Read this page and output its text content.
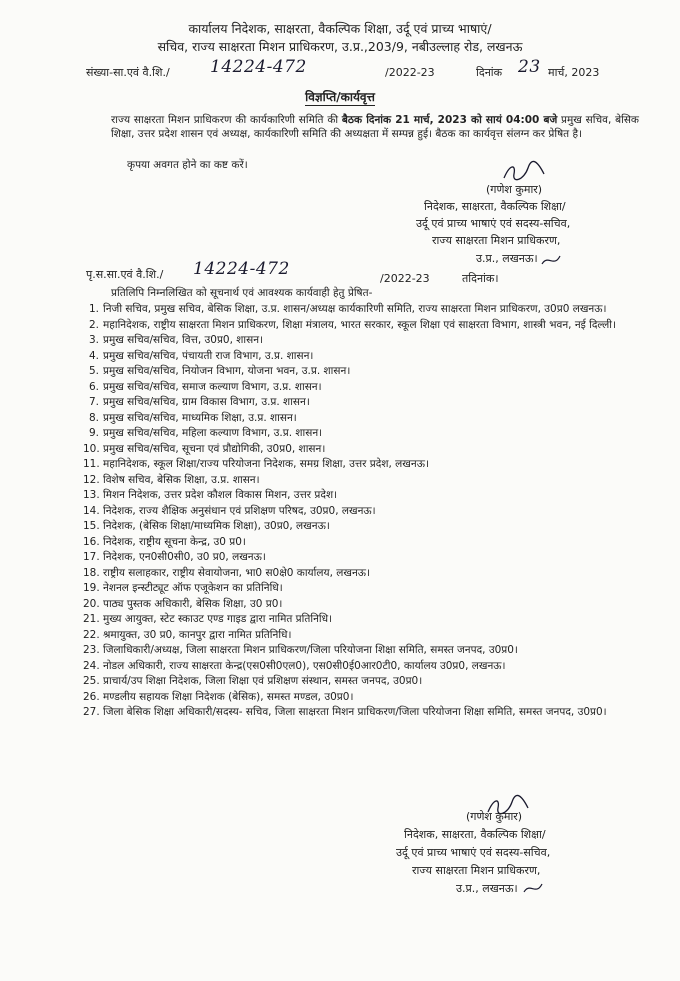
कार्यालय निदेशक, साक्षरता, वैकल्पिक शिक्षा, उर्दू एवं प्राच्य भाषाएं/
सचिव, राज्य साक्षरता मिशन प्राधिकरण, उ.प्र.,203/9, नबीउल्लाह रोड, लखनऊ
संख्या-सा.एवं वै.शि./ 14224-472	/2022-23	दिनांक 23 मार्च, 2023
विज्ञप्ति/कार्यवृत्त
राज्य साक्षरता मिशन प्राधिकरण की कार्यकारिणी समिति की बैठक दिनांक 21 मार्च, 2023 को सायं 04:00 बजे प्रमुख सचिव, बेसिक शिक्षा, उत्तर प्रदेश शासन एवं अध्यक्ष, कार्यकारिणी समिति की अध्यक्षता में सम्पन्न हुई। बैठक का कार्यवृत्त संलग्न कर प्रेषित है।
कृपया अवगत होने का कष्ट करें।
(गणेश कुमार)
निदेशक, साक्षरता, वैकल्पिक शिक्षा/
उर्दू एवं प्राच्य भाषाएं एवं सदस्य-सचिव,
राज्य साक्षरता मिशन प्राधिकरण,
उ.प्र., लखनऊ।
पृ.स.सा.एवं वै.शि./ 14224-472	/2022-23	तदिनांक।
प्रतिलिपि निम्नलिखित को सूचनार्थ एवं आवश्यक कार्यवाही हेतु प्रेषित-
1. निजी सचिव, प्रमुख सचिव, बेसिक शिक्षा, उ.प्र. शासन/अध्यक्ष कार्यकारिणी समिति, राज्य साक्षरता मिशन प्राधिकरण, उ0प्र0 लखनऊ।
2. महानिदेशक, राष्ट्रीय साक्षरता मिशन प्राधिकरण, शिक्षा मंत्रालय, भारत सरकार, स्कूल शिक्षा एवं साक्षरता विभाग, शास्त्री भवन, नई दिल्ली।
3. प्रमुख सचिव/सचिव, वित्त, उ0प्र0, शासन।
4. प्रमुख सचिव/सचिव, पंचायती राज विभाग, उ.प्र. शासन।
5. प्रमुख सचिव/सचिव, नियोजन विभाग, योजना भवन, उ.प्र. शासन।
6. प्रमुख सचिव/सचिव, समाज कल्याण विभाग, उ.प्र. शासन।
7. प्रमुख सचिव/सचिव, ग्राम विकास विभाग, उ.प्र. शासन।
8. प्रमुख सचिव/सचिव, माध्यमिक शिक्षा, उ.प्र. शासन।
9. प्रमुख सचिव/सचिव, महिला कल्याण विभाग, उ.प्र. शासन।
10. प्रमुख सचिव/सचिव, सूचना एवं प्रौद्योगिकी, उ0प्र0, शासन।
11. महानिदेशक, स्कूल शिक्षा/राज्य परियोजना निदेशक, समग्र शिक्षा, उत्तर प्रदेश, लखनऊ।
12. विशेष सचिव, बेसिक शिक्षा, उ.प्र. शासन।
13. मिशन निदेशक, उत्तर प्रदेश कौशल विकास मिशन, उत्तर प्रदेश।
14. निदेशक, राज्य शैक्षिक अनुसंधान एवं प्रशिक्षण परिषद, उ0प्र0, लखनऊ।
15. निदेशक, (बेसिक शिक्षा/माध्यमिक शिक्षा), उ0प्र0, लखनऊ।
16. निदेशक, राष्ट्रीय सूचना केन्द्र, उ0 प्र0।
17. निदेशक, एन0सी0सी0, उ0 प्र0, लखनऊ।
18. राष्ट्रीय सलाहकार, राष्ट्रीय सेवायोजना, भा0 स0क्षे0 कार्यालय, लखनऊ।
19. नेशनल इन्स्टीट्यूट ऑफ एजूकेशन का प्रतिनिधि।
20. पाठ्य पुस्तक अधिकारी, बेसिक शिक्षा, उ0 प्र0।
21. मुख्य आयुक्त, स्टेट स्काउट एण्ड गाइड द्वारा नामित प्रतिनिधि।
22. श्रमायुक्त, उ0 प्र0, कानपुर द्वारा नामित प्रतिनिधि।
23. जिलाधिकारी/अध्यक्ष, जिला साक्षरता मिशन प्राधिकरण/जिला परियोजना शिक्षा समिति, समस्त जनपद, उ0प्र0।
24. नोडल अधिकारी, राज्य साक्षरता केन्द्र(एस0सी0एल0), एस0सी0ई0आर0टी0, कार्यालय उ0प्र0, लखनऊ।
25. प्राचार्य/उप शिक्षा निदेशक, जिला शिक्षा एवं प्रशिक्षण संस्थान, समस्त जनपद, उ0प्र0।
26. मण्डलीय सहायक शिक्षा निदेशक (बेसिक), समस्त मण्डल, उ0प्र0।
27. जिला बेसिक शिक्षा अधिकारी/सदस्य- सचिव, जिला साक्षरता मिशन प्राधिकरण/जिला परियोजना शिक्षा समिति, समस्त जनपद, उ0प्र0।
(गणेश कुमार)
निदेशक, साक्षरता, वैकल्पिक शिक्षा/
उर्दू एवं प्राच्य भाषाएं एवं सदस्य-सचिव,
राज्य साक्षरता मिशन प्राधिकरण,
उ.प्र., लखनऊ।
